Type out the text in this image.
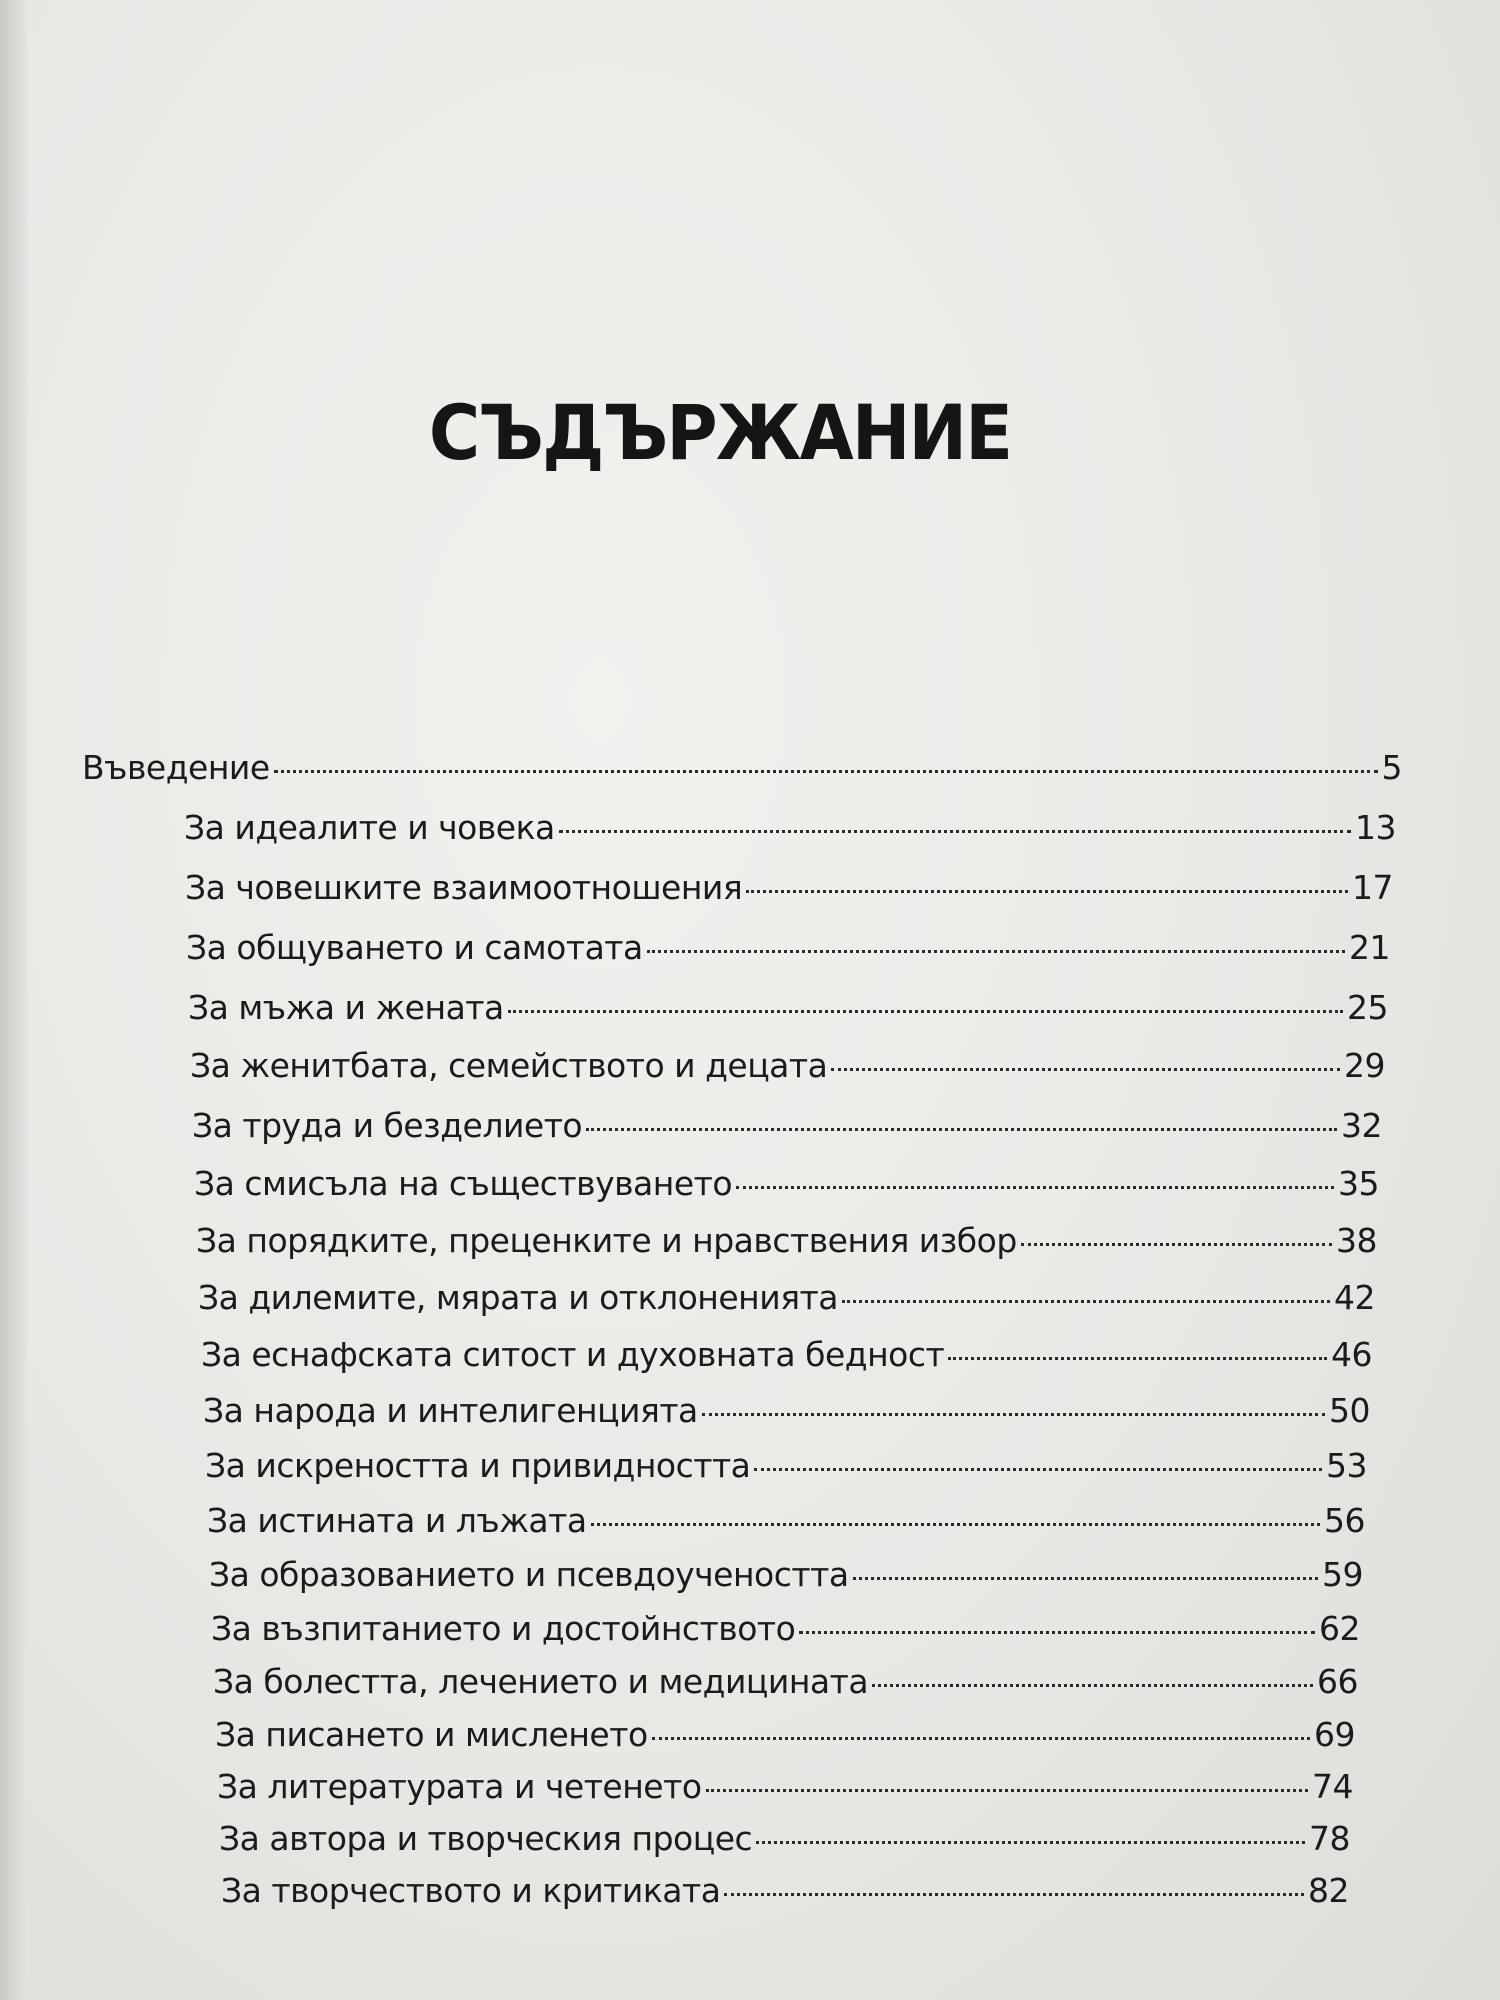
СЪДЪРЖАНИЕ
Въведение	5
За идеалите и човека	13
За човешките взаимоотношения	17
За общуването и самотата	21
За мъжа и жената	25
За женитбата, семейството и децата	29
За труда и безделието	32
За смисъла на съществуването	35
За порядките, преценките и нравствения избор	38
За дилемите, мярата и отклоненията	42
За еснафската ситост и духовната бедност	46
За народа и интелигенцията	50
За искреността и привидността	53
За истината и лъжата	56
За образованието и псевдоучеността	59
За възпитанието и достойнството	62
За болестта, лечението и медицината	66
За писането и мисленето	69
За литературата и четенето	74
За автора и творческия процес	78
За творчеството и критиката	82
